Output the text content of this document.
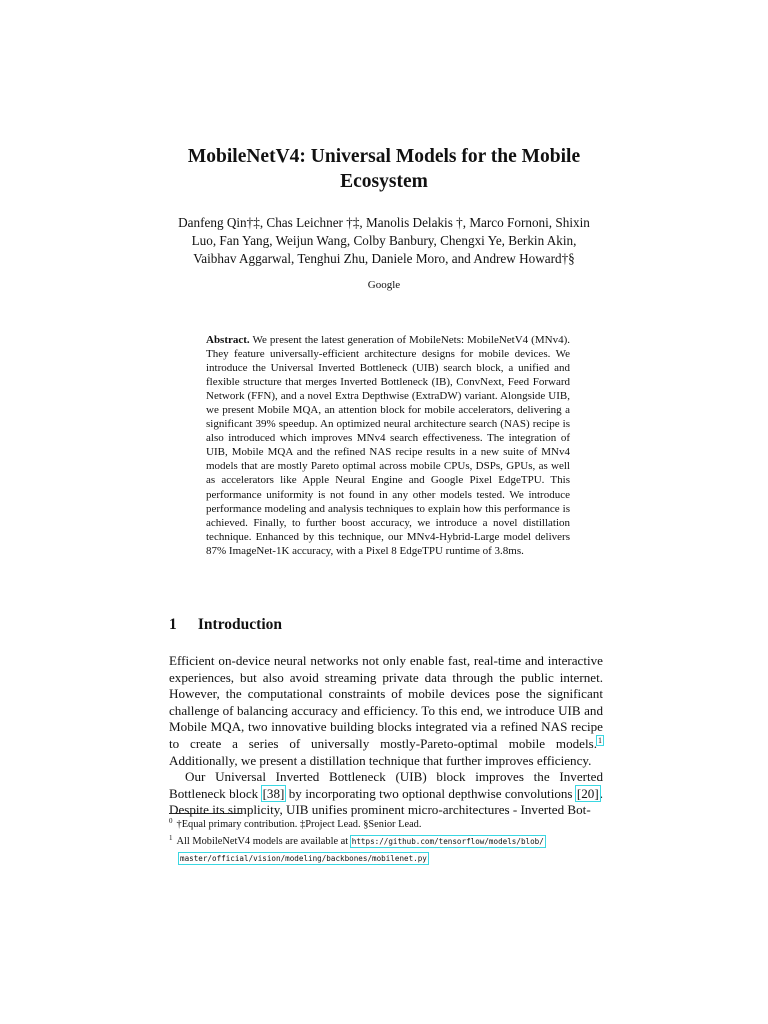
MobileNetV4: Universal Models for the Mobile Ecosystem
Danfeng Qin†‡, Chas Leichner †‡, Manolis Delakis †, Marco Fornoni, Shixin Luo, Fan Yang, Weijun Wang, Colby Banbury, Chengxi Ye, Berkin Akin, Vaibhav Aggarwal, Tenghui Zhu, Daniele Moro, and Andrew Howard†§
Google
Abstract. We present the latest generation of MobileNets: MobileNetV4 (MNv4). They feature universally-efficient architecture designs for mobile devices. We introduce the Universal Inverted Bottleneck (UIB) search block, a unified and flexible structure that merges Inverted Bottleneck (IB), ConvNext, Feed Forward Network (FFN), and a novel Extra Depthwise (ExtraDW) variant. Alongside UIB, we present Mobile MQA, an attention block for mobile accelerators, delivering a significant 39% speedup. An optimized neural architecture search (NAS) recipe is also introduced which improves MNv4 search effectiveness. The integration of UIB, Mobile MQA and the refined NAS recipe results in a new suite of MNv4 models that are mostly Pareto optimal across mobile CPUs, DSPs, GPUs, as well as accelerators like Apple Neural Engine and Google Pixel EdgeTPU. This performance uniformity is not found in any other models tested. We introduce performance modeling and analysis techniques to explain how this performance is achieved. Finally, to further boost accuracy, we introduce a novel distillation technique. Enhanced by this technique, our MNv4-Hybrid-Large model delivers 87% ImageNet-1K accuracy, with a Pixel 8 EdgeTPU runtime of 3.8ms.
1 Introduction

Efficient on-device neural networks not only enable fast, real-time and interactive experiences, but also avoid streaming private data through the public internet. However, the computational constraints of mobile devices pose the significant challenge of balancing accuracy and efficiency. To this end, we introduce UIB and Mobile MQA, two innovative building blocks integrated via a refined NAS recipe to create a series of universally mostly-Pareto-optimal mobile models.$^1$ Additionally, we present a distillation technique that further improves efficiency.

Our Universal Inverted Bottleneck (UIB) block improves the Inverted Bottleneck block [38] by incorporating two optional depthwise convolutions [20]. Despite its simplicity, UIB unifies prominent micro-architectures - Inverted Bot-

$^0$ †Equal primary contribution. ‡Project Lead. §Senior Lead.
$^1$ All MobileNetV4 models are available at https://github.com/tensorflow/models/blob/
master/official/vision/modeling/backbones/mobilenet.py
